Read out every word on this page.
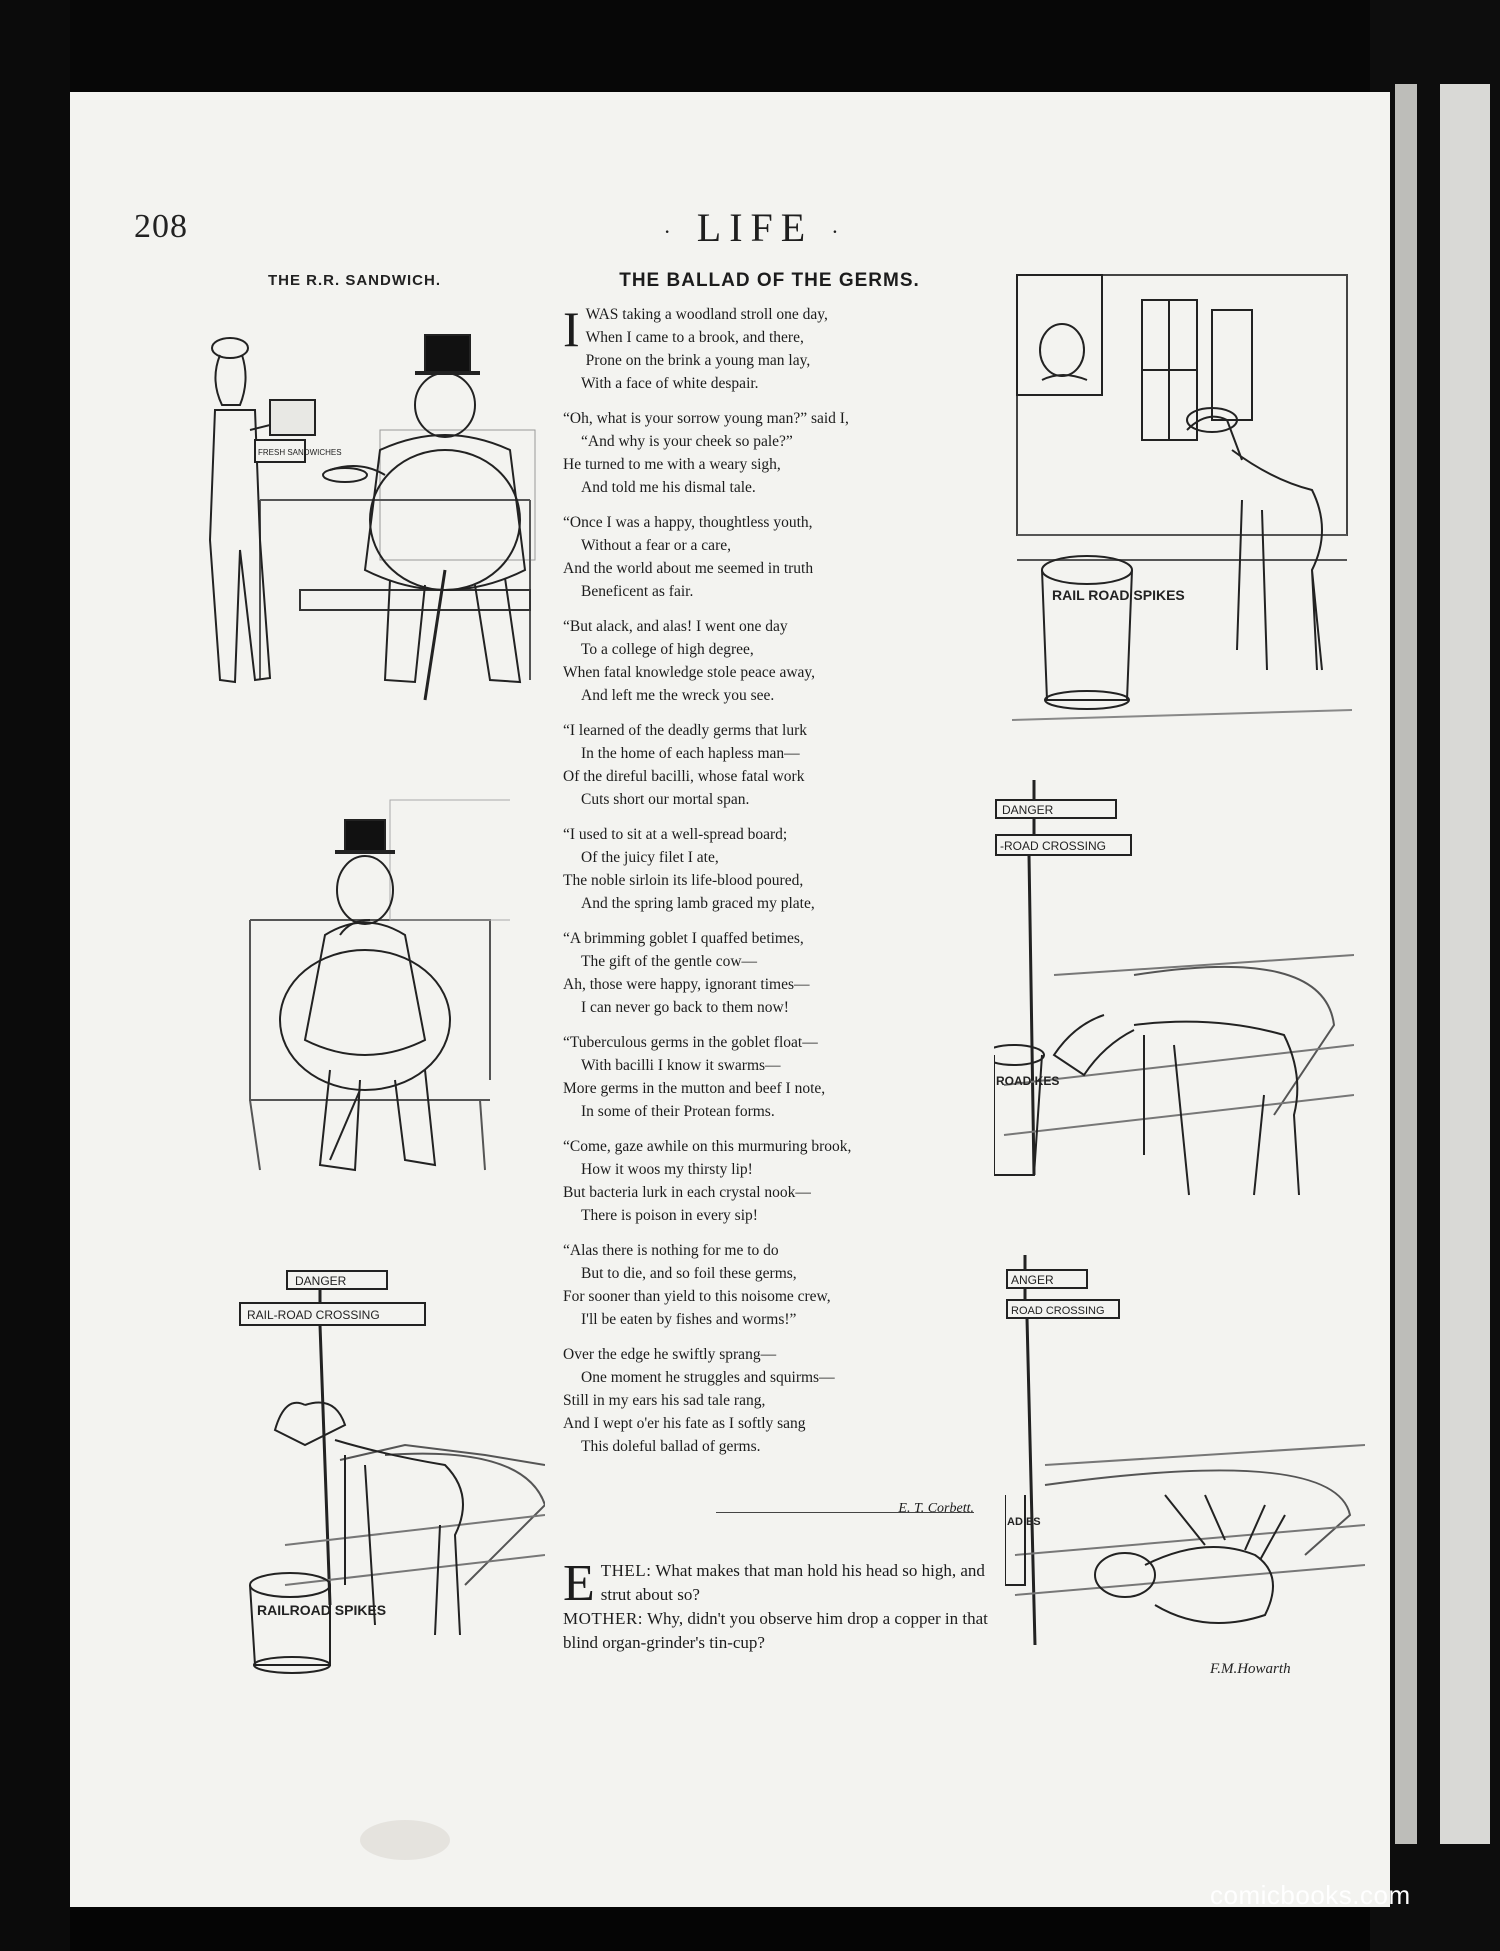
208	· LIFE ·
THE R.R. SANDWICH.
FRESH SANDWICHES
DANGER
RAIL-ROAD CROSSING
RAILROAD SPIKES
THE BALLAD OF THE GERMS.
I WAS taking a woodland stroll one day,
When I came to a brook, and there,
Prone on the brink a young man lay,
With a face of white despair.
“Oh, what is your sorrow young man?” said I,
“And why is your cheek so pale?”
He turned to me with a weary sigh,
And told me his dismal tale.
“Once I was a happy, thoughtless youth,
Without a fear or a care,
And the world about me seemed in truth
Beneficent as fair.
“But alack, and alas! I went one day
To a college of high degree,
When fatal knowledge stole peace away,
And left me the wreck you see.
“I learned of the deadly germs that lurk
In the home of each hapless man—
Of the direful bacilli, whose fatal work
Cuts short our mortal span.
“I used to sit at a well-spread board;
Of the juicy filet I ate,
The noble sirloin its life-blood poured,
And the spring lamb graced my plate,
“A brimming goblet I quaffed betimes,
The gift of the gentle cow—
Ah, those were happy, ignorant times—
I can never go back to them now!
“Tuberculous germs in the goblet float—
With bacilli I know it swarms—
More germs in the mutton and beef I note,
In some of their Protean forms.
“Come, gaze awhile on this murmuring brook,
How it woos my thirsty lip!
But bacteria lurk in each crystal nook—
There is poison in every sip!
“Alas there is nothing for me to do
But to die, and so foil these germs,
For sooner than yield to this noisome crew,
I'll be eaten by fishes and worms!”
Over the edge he swiftly sprang—
One moment he struggles and squirms—
Still in my ears his sad tale rang,
And I wept o'er his fate as I softly sang
This doleful ballad of germs.
E. T. Corbett.
E THEL: What makes that man hold his head so high, and strut about so?
MOTHER: Why, didn't you observe him drop a copper in that blind organ-grinder's tin-cup?
RAIL ROAD SPIKES
DANGER
-ROAD CROSSING
ROAD KES
ANGER
ROAD CROSSING
AD ES
F.M.Howarth
comicbooks.com
